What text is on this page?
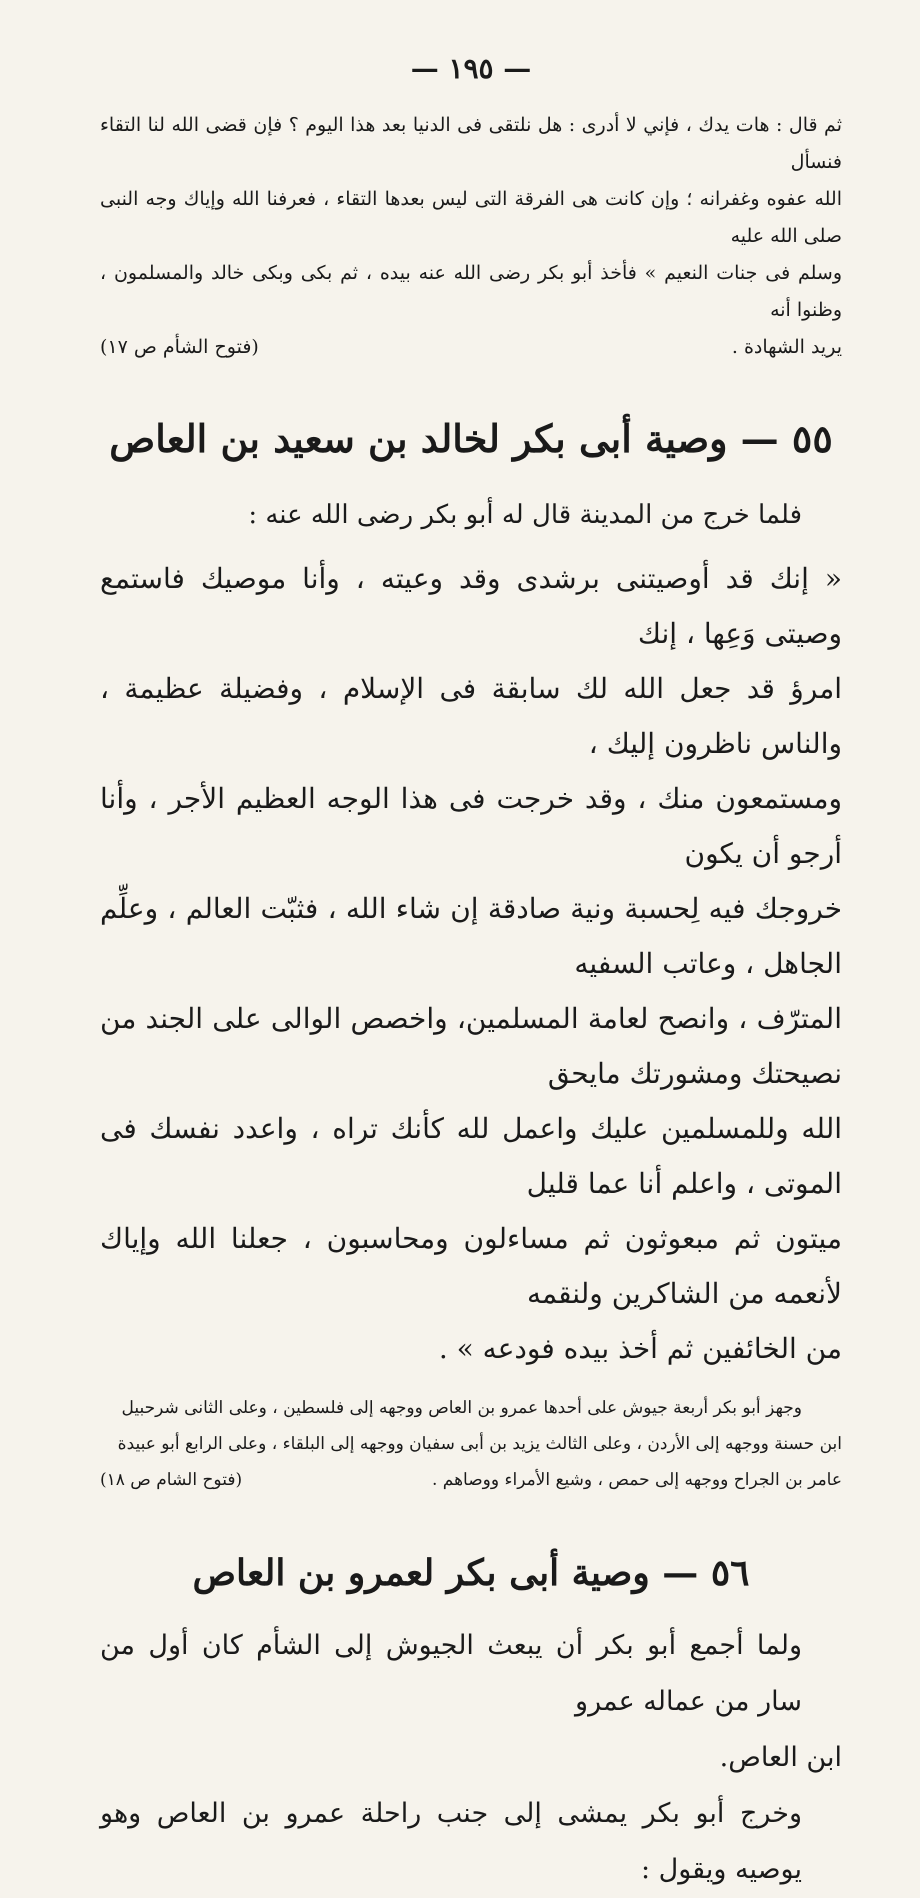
— ١٩٥ —

ثم قال : هات يدك ، فإني لا أدرى : هل نلتقى فى الدنيا بعد هذا اليوم ؟ فإن قضى الله لنا التقاء فنسأل

الله عفوه وغفرانه ؛ وإن كانت هى الفرقة التى ليس بعدها التقاء ، فعرفنا الله وإياك وجه النبى صلى الله عليه

وسلم فى جنات النعيم » فأخذ أبو بكر رضى الله عنه بيده ، ثم بكى وبكى خالد والمسلمون ، وظنوا أنه

يريد الشهادة .
(فتوح الشأم ص ١٧)
٥٥ — وصية أبى بكر لخالد بن سعيد بن العاص
فلما خرج من المدينة قال له أبو بكر رضى الله عنه :

« إنك قد أوصيتنى برشدى وقد وعيته ، وأنا موصيك فاستمع وصيتى وَعِها ، إنك

امرؤ قد جعل الله لك سابقة فى الإسلام ، وفضيلة عظيمة ، والناس ناظرون إليك ،

ومستمعون منك ، وقد خرجت فى هذا الوجه العظيم الأجر ، وأنا أرجو أن يكون

خروجك فيه لِحسبة ونية صادقة إن شاء الله ، فثبّت العالم ، وعلِّم الجاهل ، وعاتب السفيه

المترّف ، وانصح لعامة المسلمين، واخصص الوالى على الجند من نصيحتك ومشورتك مايحق

الله وللمسلمين عليك واعمل لله كأنك تراه ، واعدد نفسك فى الموتى ، واعلم أنا عما قليل

ميتون ثم مبعوثون ثم مساءلون ومحاسبون ، جعلنا الله وإياك لأنعمه من الشاكرين ولنقمه

من الخائفين ثم أخذ بيده فودعه » .

وجهز أبو بكر أربعة جيوش على أحدها عمرو بن العاص ووجهه إلى فلسطين ، وعلى الثانى شرحبيل

ابن حسنة ووجهه إلى الأردن ، وعلى الثالث يزيد بن أبى سفيان ووجهه إلى البلقاء ، وعلى الرابع أبو عبيدة

عامر بن الجراح ووجهه إلى حمص ، وشيع الأمراء ووصاهم .
(فتوح الشام ص ١٨)
٥٦ — وصية أبى بكر لعمرو بن العاص

ولما أجمع أبو بكر أن يبعث الجيوش إلى الشأم كان أول من سار من عماله عمرو

ابن العاص.

وخرج أبو بكر يمشى إلى جنب راحلة عمرو بن العاص وهو يوصيه ويقول :
